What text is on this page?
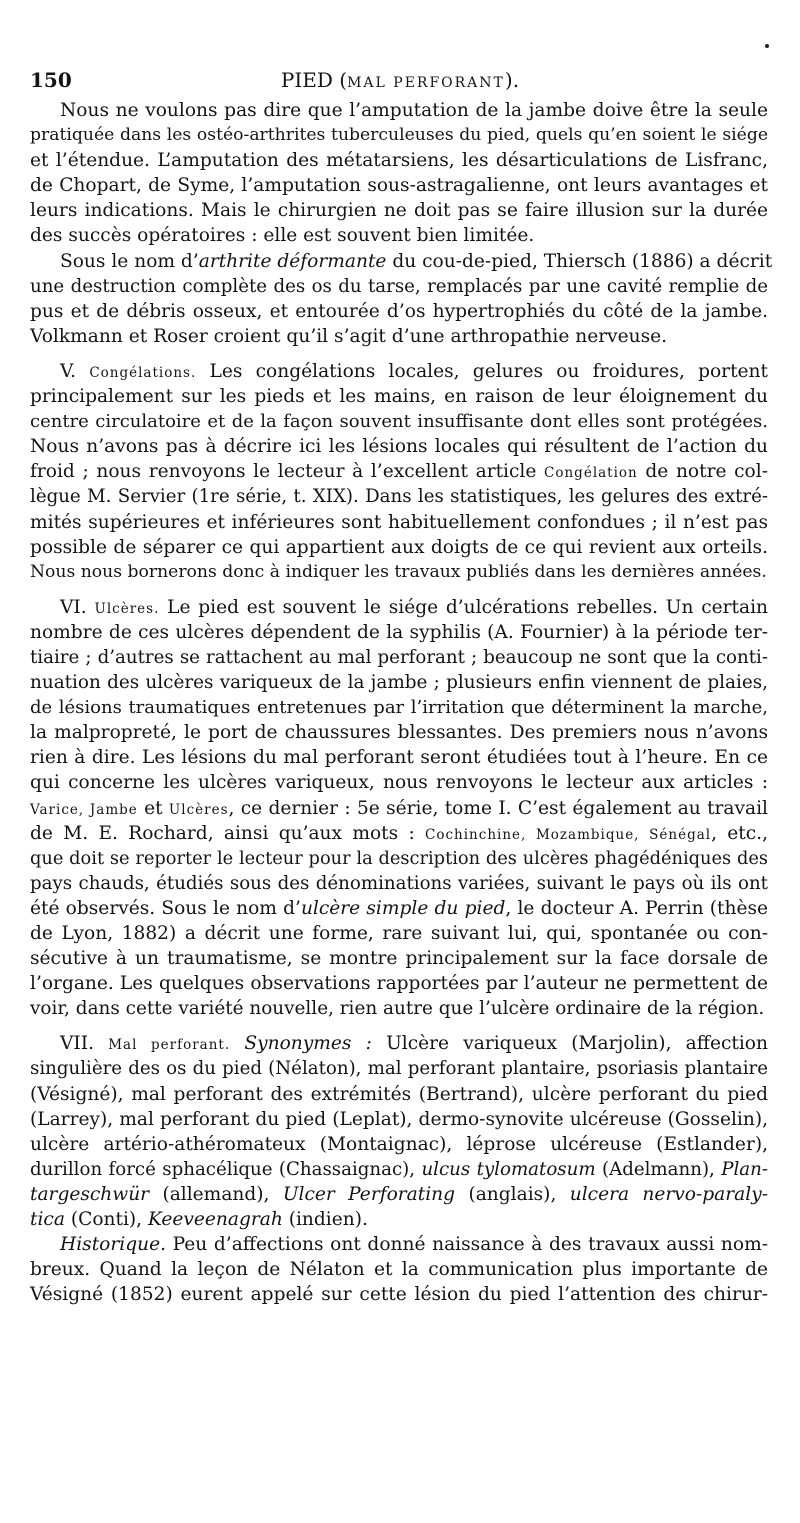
150	PIED (MAL PERFORANT).
Nous ne voulons pas dire que l’amputation de la jambe doive être la seule
pratiquée dans les ostéo-arthrites tuberculeuses du pied, quels qu’en soient le siége
et l’étendue. L’amputation des métatarsiens, les désarticulations de Lisfranc,
de Chopart, de Syme, l’amputation sous-astragalienne, ont leurs avantages et
leurs indications. Mais le chirurgien ne doit pas se faire illusion sur la durée
des succès opératoires : elle est souvent bien limitée.
Sous le nom d’arthrite déformante du cou-de-pied, Thiersch (1886) a décrit
une destruction complète des os du tarse, remplacés par une cavité remplie de
pus et de débris osseux, et entourée d’os hypertrophiés du côté de la jambe.
Volkmann et Roser croient qu’il s’agit d’une arthropathie nerveuse.
V. Congélations. Les congélations locales, gelures ou froidures, portent
principalement sur les pieds et les mains, en raison de leur éloignement du
centre circulatoire et de la façon souvent insuffisante dont elles sont protégées.
Nous n’avons pas à décrire ici les lésions locales qui résultent de l’action du
froid ; nous renvoyons le lecteur à l’excellent article Congélation de notre col-
lègue M. Servier (1re série, t. XIX). Dans les statistiques, les gelures des extré-
mités supérieures et inférieures sont habituellement confondues ; il n’est pas
possible de séparer ce qui appartient aux doigts de ce qui revient aux orteils.
Nous nous bornerons donc à indiquer les travaux publiés dans les dernières années.
VI. Ulcères. Le pied est souvent le siége d’ulcérations rebelles. Un certain
nombre de ces ulcères dépendent de la syphilis (A. Fournier) à la période ter-
tiaire ; d’autres se rattachent au mal perforant ; beaucoup ne sont que la conti-
nuation des ulcères variqueux de la jambe ; plusieurs enfin viennent de plaies,
de lésions traumatiques entretenues par l’irritation que déterminent la marche,
la malpropreté, le port de chaussures blessantes. Des premiers nous n’avons
rien à dire. Les lésions du mal perforant seront étudiées tout à l’heure. En ce
qui concerne les ulcères variqueux, nous renvoyons le lecteur aux articles :
Varice, Jambe et Ulcères, ce dernier : 5e série, tome I. C’est également au travail
de M. E. Rochard, ainsi qu’aux mots : Cochinchine, Mozambique, Sénégal, etc.,
que doit se reporter le lecteur pour la description des ulcères phagédéniques des
pays chauds, étudiés sous des dénominations variées, suivant le pays où ils ont
été observés. Sous le nom d’ulcère simple du pied, le docteur A. Perrin (thèse
de Lyon, 1882) a décrit une forme, rare suivant lui, qui, spontanée ou con-
sécutive à un traumatisme, se montre principalement sur la face dorsale de
l’organe. Les quelques observations rapportées par l’auteur ne permettent de
voir, dans cette variété nouvelle, rien autre que l’ulcère ordinaire de la région.
VII. Mal perforant. Synonymes : Ulcère variqueux (Marjolin), affection
singulière des os du pied (Nélaton), mal perforant plantaire, psoriasis plantaire
(Vésigné), mal perforant des extrémités (Bertrand), ulcère perforant du pied
(Larrey), mal perforant du pied (Leplat), dermo-synovite ulcéreuse (Gosselin),
ulcère artério-athéromateux (Montaignac), léprose ulcéreuse (Estlander),
durillon forcé sphacélique (Chassaignac), ulcus tylomatosum (Adelmann), Plan-
targeschwür (allemand), Ulcer Perforating (anglais), ulcera nervo-paraly-
tica (Conti), Keeveenagrah (indien).
Historique. Peu d’affections ont donné naissance à des travaux aussi nom-
breux. Quand la leçon de Nélaton et la communication plus importante de
Vésigné (1852) eurent appelé sur cette lésion du pied l’attention des chirur-
